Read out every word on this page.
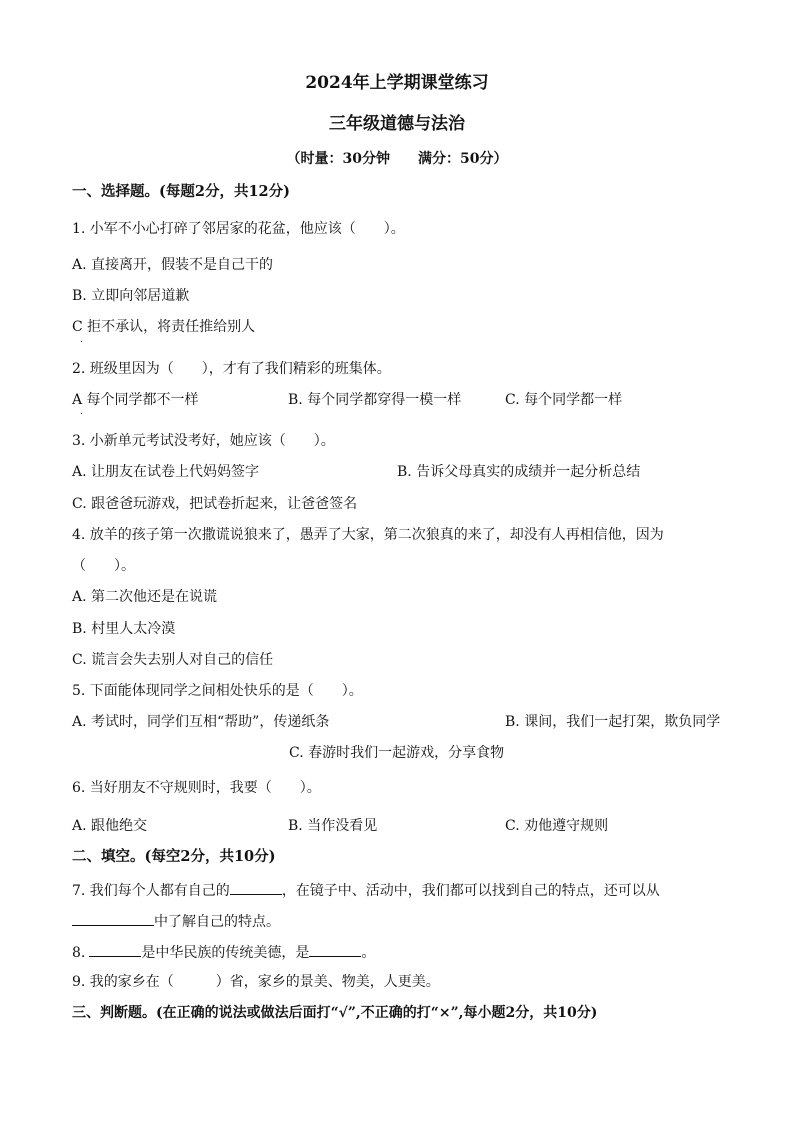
2024年上学期课堂练习
三年级道德与法治
（时量：30分钟　　满分：50分）
一、选择题。(每题2分，共12分)
1. 小军不小心打碎了邻居家的花盆，他应该（　　）。
A. 直接离开，假装不是自己干的
B. 立即向邻居道歉
C 拒不承认，将责任推给别人
.
2. 班级里因为（　　），才有了我们精彩的班集体。
A 每个同学都不一样	B. 每个同学都穿得一模一样	C. 每个同学都一样
.
3. 小新单元考试没考好，她应该（　　）。
A. 让朋友在试卷上代妈妈签字	B. 告诉父母真实的成绩并一起分析总结
C. 跟爸爸玩游戏，把试卷折起来，让爸爸签名
4. 放羊的孩子第一次撒谎说狼来了，愚弄了大家，第二次狼真的来了，却没有人再相信他，因为
（　　）。
A. 第二次他还是在说谎
B. 村里人太冷漠
C. 谎言会失去别人对自己的信任
5. 下面能体现同学之间相处快乐的是（　　）。
A. 考试时，同学们互相“帮助”，传递纸条	B. 课间，我们一起打架，欺负同学
C. 春游时我们一起游戏，分享食物
6. 当好朋友不守规则时，我要（　　）。
A. 跟他绝交	B. 当作没看见	C. 劝他遵守规则
二、填空。(每空2分，共10分)
7. 我们每个人都有自己的	，在镜子中、活动中，我们都可以找到自己的特点，还可以从
中了解自己的特点。
8.	是中华民族的传统美德，是	。
9. 我的家乡在（　　　）省，家乡的景美、物美，人更美。
三、判断题。(在正确的说法或做法后面打“√”,不正确的打“×”,每小题2分，共10分)
